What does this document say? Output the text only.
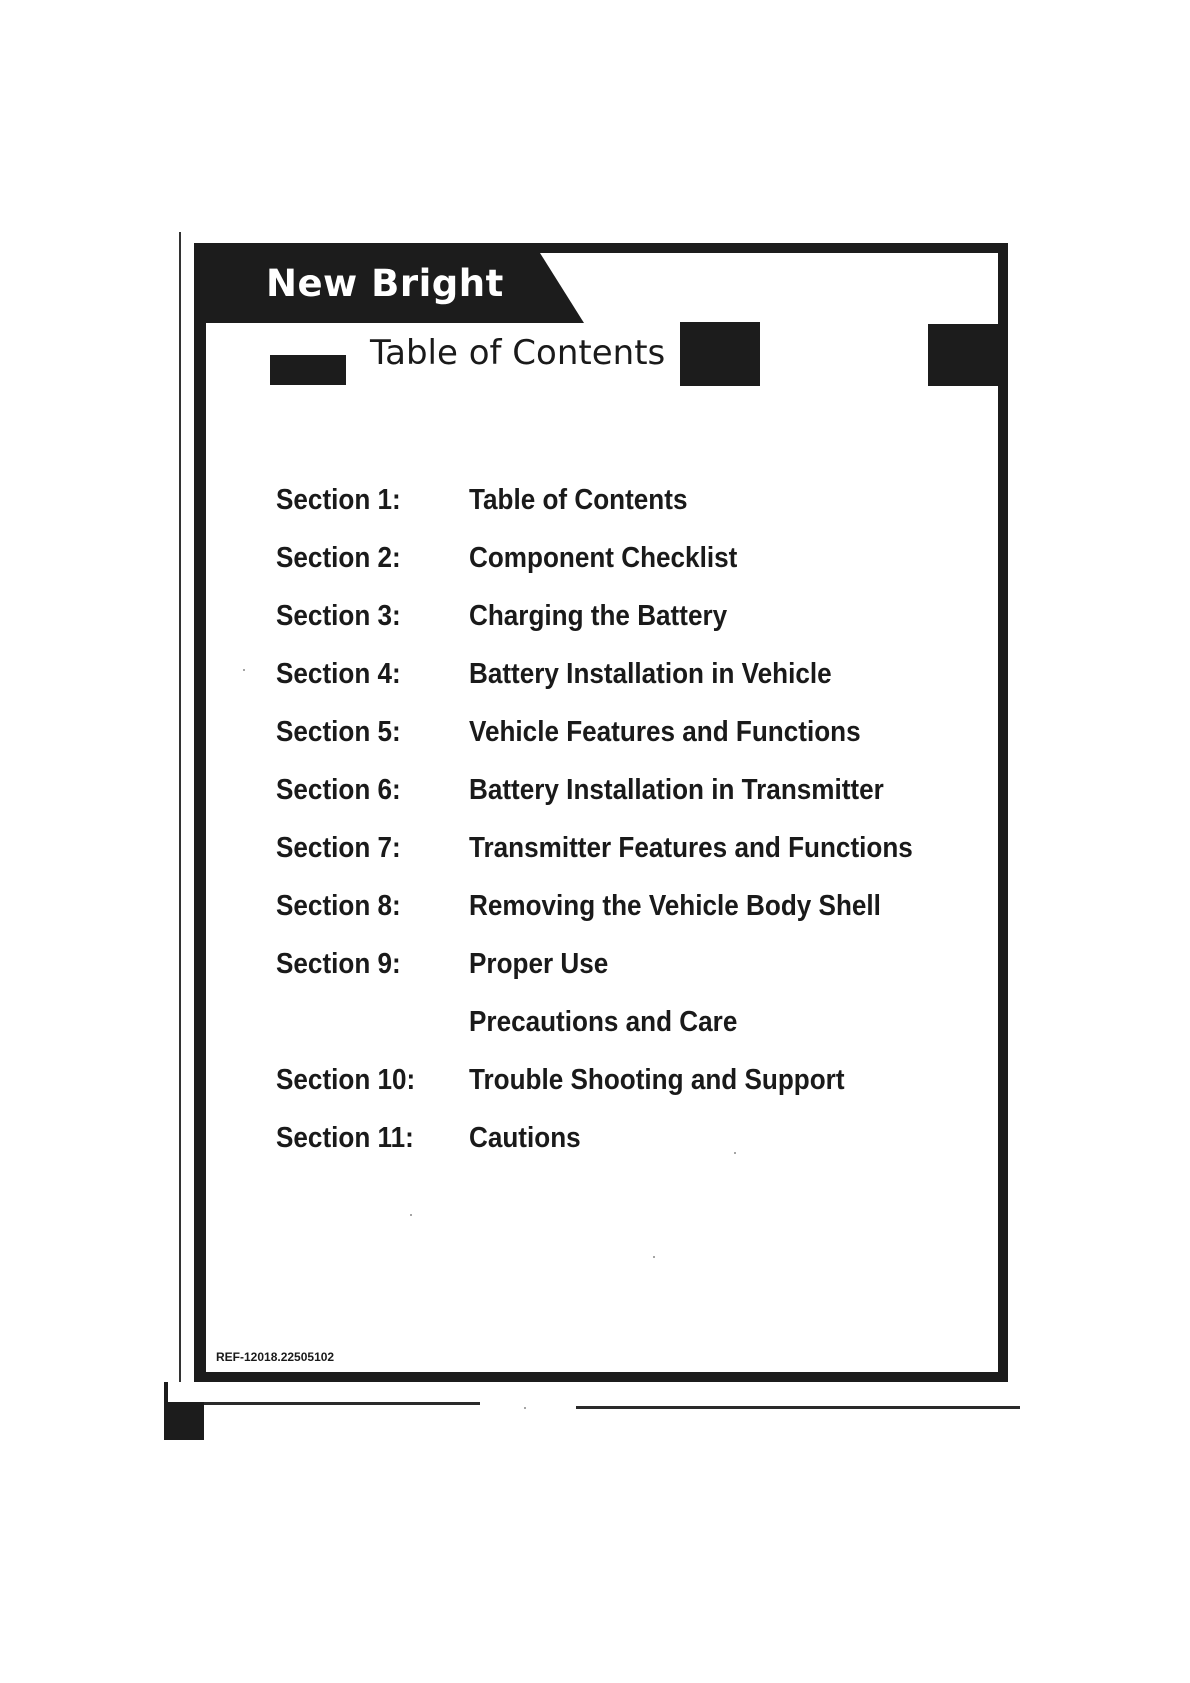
New Bright
Table of Contents
Section 1:	Table of Contents
Section 2:	Component Checklist
Section 3:	Charging the Battery
Section 4:	Battery Installation in Vehicle
Section 5:	Vehicle Features and Functions
Section 6:	Battery Installation in Transmitter
Section 7:	Transmitter Features and Functions
Section 8:	Removing the Vehicle Body Shell
Section 9:	Proper Use
Precautions and Care
Section 10:	Trouble Shooting and Support
Section 11:	Cautions
REF-12018.22505102
